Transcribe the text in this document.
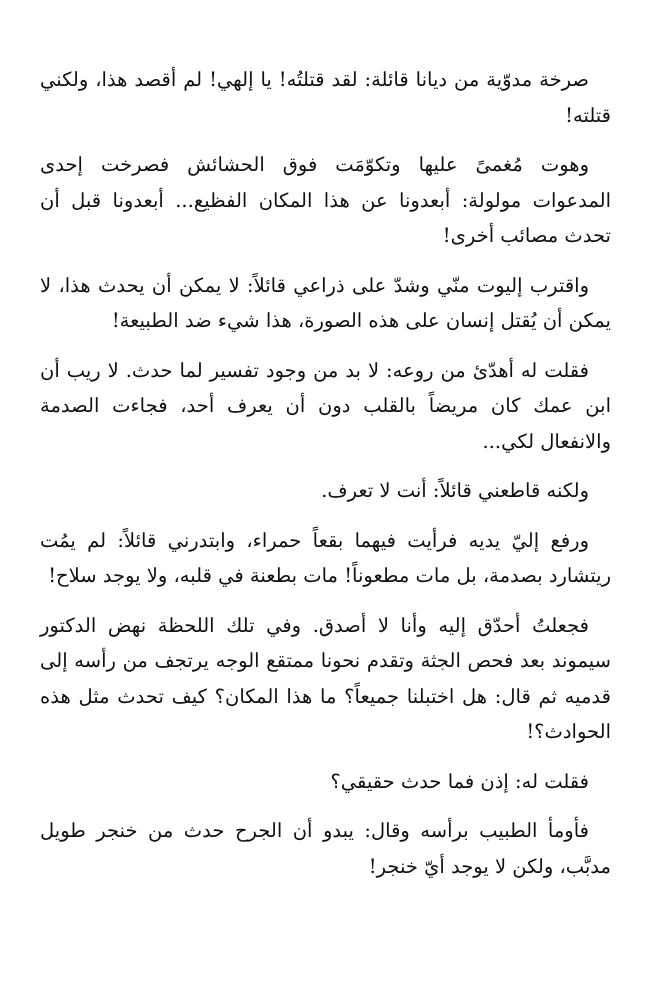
صرخة مدوّية من ديانا قائلة: لقد قتلتُه! يا إلهي! لم أقصد هذا، ولكني قتلته!

وهوت مُغمىً عليها وتكوّمَت فوق الحشائش فصرخت إحدى المدعوات مولولة: أبعدونا عن هذا المكان الفظيع... أبعدونا قبل أن تحدث مصائب أخرى!

واقترب إليوت منّي وشدّ على ذراعي قائلاً: لا يمكن أن يحدث هذا، لا يمكن أن يُقتل إنسان على هذه الصورة، هذا شيء ضد الطبيعة!

فقلت له أهدّئ من روعه: لا بد من وجود تفسير لما حدث. لا ريب أن ابن عمك كان مريضاً بالقلب دون أن يعرف أحد، فجاءت الصدمة والانفعال لكي...

ولكنه قاطعني قائلاً: أنت لا تعرف.

ورفع إليّ يديه فرأيت فيهما بقعاً حمراء، وابتدرني قائلاً: لم يمُت ريتشارد بصدمة، بل مات مطعوناً! مات بطعنة في قلبه، ولا يوجد سلاح!

فجعلتُ أحدّق إليه وأنا لا أصدق. وفي تلك اللحظة نهض الدكتور سيموند بعد فحص الجثة وتقدم نحونا ممتقع الوجه يرتجف من رأسه إلى قدميه ثم قال: هل اختبلنا جميعاً؟ ما هذا المكان؟ كيف تحدث مثل هذه الحوادث؟!

فقلت له: إذن فما حدث حقيقي؟

فأومأ الطبيب برأسه وقال: يبدو أن الجرح حدث من خنجر طويل مدبَّب، ولكن لا يوجد أيّ خنجر!
